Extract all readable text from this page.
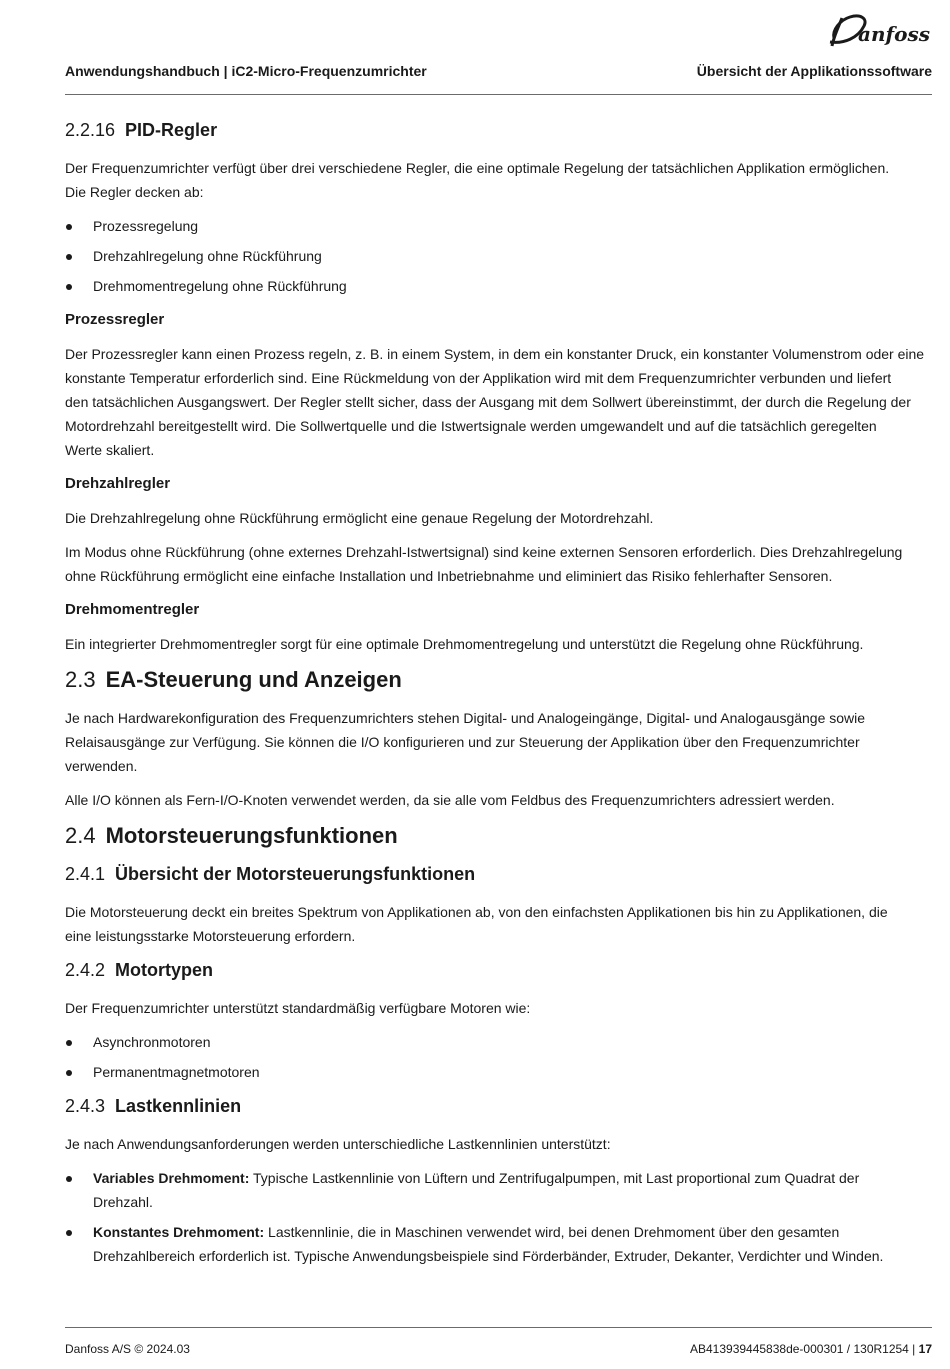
anfoss
Anwendungshandbuch | iC2-Micro-Frequenzumrichter	Übersicht der Applikationssoftware
2.2.16 PID-Regler

Der Frequenzumrichter verfügt über drei verschiedene Regler, die eine optimale Regelung der tatsächlichen Applikation ermöglichen.
Die Regler decken ab:

Prozessregelung
Drehzahlregelung ohne Rückführung
Drehmomentregelung ohne Rückführung
Prozessregler

Der Prozessregler kann einen Prozess regeln, z. B. in einem System, in dem ein konstanter Druck, ein konstanter Volumenstrom oder eine
konstante Temperatur erforderlich sind. Eine Rückmeldung von der Applikation wird mit dem Frequenzumrichter verbunden und liefert
den tatsächlichen Ausgangswert. Der Regler stellt sicher, dass der Ausgang mit dem Sollwert übereinstimmt, der durch die Regelung der
Motordrehzahl bereitgestellt wird. Die Sollwertquelle und die Istwertsignale werden umgewandelt und auf die tatsächlich geregelten
Werte skaliert.

Drehzahlregler

Die Drehzahlregelung ohne Rückführung ermöglicht eine genaue Regelung der Motordrehzahl.

Im Modus ohne Rückführung (ohne externes Drehzahl-Istwertsignal) sind keine externen Sensoren erforderlich. Dies Drehzahlregelung
ohne Rückführung ermöglicht eine einfache Installation und Inbetriebnahme und eliminiert das Risiko fehlerhafter Sensoren.

Drehmomentregler

Ein integrierter Drehmomentregler sorgt für eine optimale Drehmomentregelung und unterstützt die Regelung ohne Rückführung.

2.3 EA-Steuerung und Anzeigen

Je nach Hardwarekonfiguration des Frequenzumrichters stehen Digital- und Analogeingänge, Digital- und Analogausgänge sowie
Relaisausgänge zur Verfügung. Sie können die I/O konfigurieren und zur Steuerung der Applikation über den Frequenzumrichter
verwenden.

Alle I/O können als Fern-I/O-Knoten verwendet werden, da sie alle vom Feldbus des Frequenzumrichters adressiert werden.

2.4 Motorsteuerungsfunktionen
2.4.1 Übersicht der Motorsteuerungsfunktionen

Die Motorsteuerung deckt ein breites Spektrum von Applikationen ab, von den einfachsten Applikationen bis hin zu Applikationen, die
eine leistungsstarke Motorsteuerung erfordern.

2.4.2 Motortypen

Der Frequenzumrichter unterstützt standardmäßig verfügbare Motoren wie:

Asynchronmotoren
Permanentmagnetmotoren
2.4.3 Lastkennlinien

Je nach Anwendungsanforderungen werden unterschiedliche Lastkennlinien unterstützt:

Variables Drehmoment: Typische Lastkennlinie von Lüftern und Zentrifugalpumpen, mit Last proportional zum Quadrat der
Drehzahl.
Konstantes Drehmoment: Lastkennlinie, die in Maschinen verwendet wird, bei denen Drehmoment über den gesamten
Drehzahlbereich erforderlich ist. Typische Anwendungsbeispiele sind Förderbänder, Extruder, Dekanter, Verdichter und Winden.
Danfoss A/S © 2024.03	AB413939445838de-000301 / 130R1254 | 17
